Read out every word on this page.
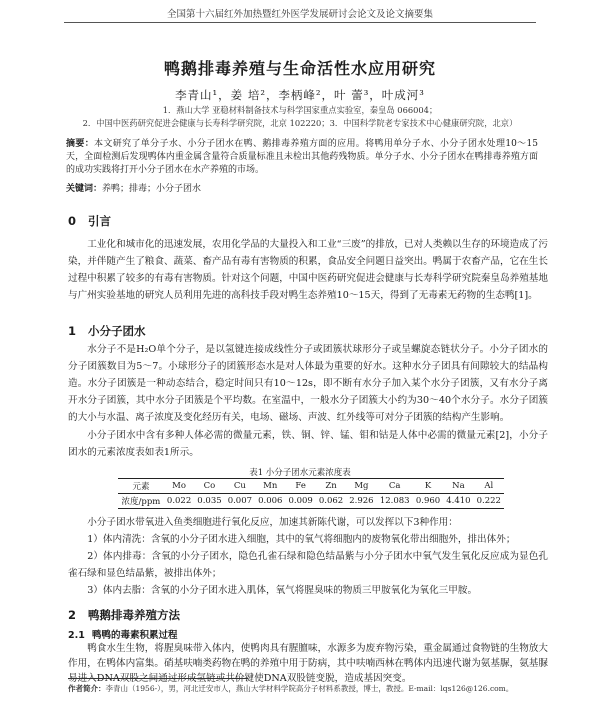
全国第十六届红外加热暨红外医学发展研讨会论文及论文摘要集
鸭鹅排毒养殖与生命活性水应用研究
李青山¹，姜 培²，李柄峰²，叶 蕾³，叶成河³
1．燕山大学 亚稳材料制备技术与科学国家重点实验室，秦皇岛 066004；
2．中国中医药研究促进会健康与长寿科学研究院，北京 102220；3．中国科学院老专家技术中心健康研究院，北京）
摘要：本文研究了单分子水、小分子团水在鸭、鹅排毒养殖方面的应用。将鸭用单分子水、小分子团水处理10～15天，全面检测后发现鸭体内重金属含量符合质量标准且未检出其他药残物质。单分子水、小分子团水在鸭排毒养殖方面的成功实践将打开小分子团水在水产养殖的市场。
关键词：养鸭；排毒；小分子团水
0 引言
工业化和城市化的迅速发展，农用化学品的大量投入和工业“三废”的排放，已对人类赖以生存的环境造成了污染，并伴随产生了粮食、蔬菜、畜产品有毒有害物质的积累，食品安全问题日益突出。鸭属于农畜产品，它在生长过程中积累了较多的有毒有害物质。针对这个问题，中国中医药研究促进会健康与长寿科学研究院秦皇岛养殖基地与广州实验基地的研究人员利用先进的高科技手段对鸭生态养殖10～15天，得到了无毒素无药物的生态鸭[1]。
1 小分子团水
水分子不是H₂O单个分子，是以氢键连接成线性分子或团簇状球形分子或呈螺旋态链状分子。小分子团水的分子团簇数目为5～7。小球形分子的团簇形态水是对人体最为重要的好水。这种水分子团具有间隙较大的结晶构造。水分子团簇是一种动态结合，稳定时间只有10～12s，即不断有水分子加入某个水分子团簇，又有水分子离开水分子团簇，其中水分子团簇是个平均数。在室温中，一般水分子团簇大小约为30～40个水分子。水分子团簇的大小与水温、离子浓度及变化经历有关，电场、磁场、声波、红外线等可对分子团簇的结构产生影响。
小分子团水中含有多种人体必需的微量元素，铁、铜、锌、锰、钼和钴是人体中必需的微量元素[2]，小分子团水的元素浓度表如表1所示。
表1 小分子团水元素浓度表
元素	Mo	Co	Cu	Mn	Fe	Zn	Mg	Ca	K	Na	Al
浓度/ppm	0.022	0.035	0.007	0.006	0.009	0.062	2.926	12.083	0.960	4.410	0.222
小分子团水带氧进入鱼类细胞进行氧化反应，加速其新陈代谢，可以发挥以下3种作用：
1）体内清洗：含氧的小分子团水进入细胞，其中的氧气将细胞内的废物氧化带出细胞外，排出体外；
2）体内排毒：含氧的小分子团水，隐色孔雀石绿和隐色结晶紫与小分子团水中氧气发生氧化反应成为显色孔雀石绿和显色结晶紫，被排出体外；
3）体内去脂：含氧的小分子团水进入肌体，氧气将腥臭味的物质三甲胺氧化为氧化三甲胺。
2 鸭鹅排毒养殖方法
2.1 鸭鸭的毒素积累过程
鸭食水生生物，将腥臭味带入体内，使鸭肉具有腥膻味，水源多为废弃物污染，重金属通过食物链的生物放大作用，在鸭体内富集。硝基呋喃类药物在鸭的养殖中用于防病，其中呋喃西林在鸭体内迅速代谢为氨基脲，氨基脲易进入DNA双股之间通过形成氢链或共价键使DNA双股链变脱，造成基因突变。
作者简介：李青山（1956-），男，河北迁安市人，燕山大学材料学院高分子材料系教授，博士，教授。E-mail：lqs126@126.com。
